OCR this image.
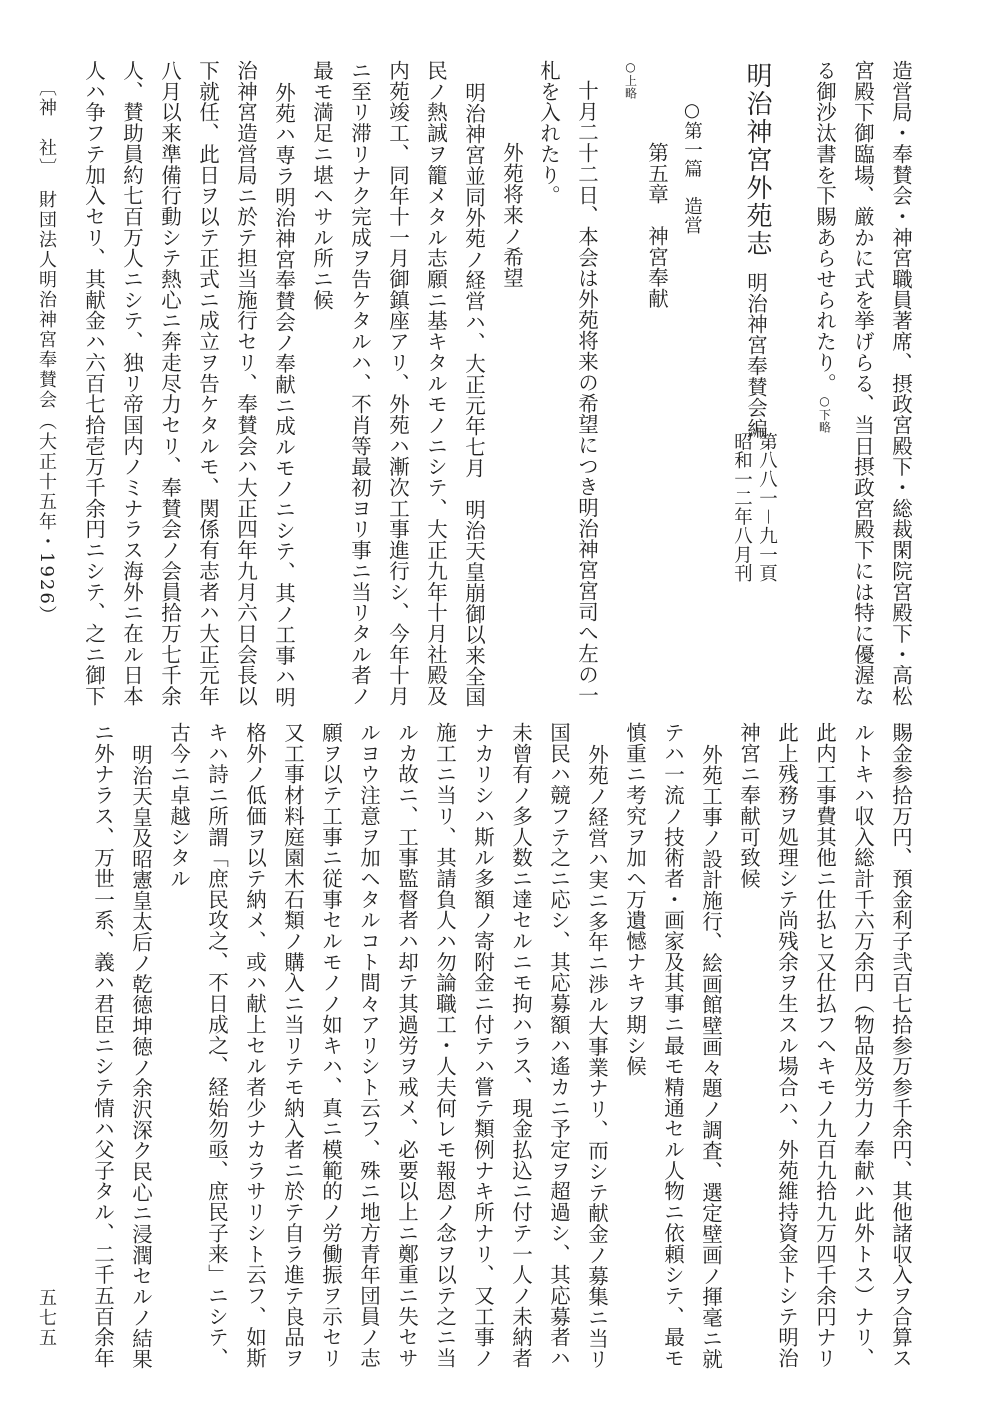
造営局・奉賛会・神宮職員著席、摂政宮殿下・総裁閑院宮殿下・高松
宮殿下御臨場、厳かに式を挙げらる、当日摂政宮殿下には特に優渥な
る御沙汰書を下賜あらせられたり。○下略
明治神宮外苑志
明治神宮奉賛会編
第八八一－九一頁
昭和一二年八月刊
○第一篇　造営
第五章　神宮奉献
○上略
十月二十二日、本会は外苑将来の希望につき明治神宮宮司へ左の一
札を入れたり。
外苑将来ノ希望
明治神宮並同外苑ノ経営ハ、大正元年七月　明治天皇崩御以来全国
民ノ熱誠ヲ籠メタル志願ニ基キタルモノニシテ、大正九年十月社殿及
内苑竣工、同年十一月御鎮座アリ、外苑ハ漸次工事進行シ、今年十月
ニ至リ滞リナク完成ヲ告ケタルハ、不肖等最初ヨリ事ニ当リタル者ノ
最モ満足ニ堪ヘサル所ニ候
外苑ハ専ラ明治神宮奉賛会ノ奉献ニ成ルモノニシテ、其ノ工事ハ明
治神宮造営局ニ於テ担当施行セリ、奉賛会ハ大正四年九月六日会長以
下就任、此日ヲ以テ正式ニ成立ヲ告ケタルモ、関係有志者ハ大正元年
八月以来準備行動シテ熱心ニ奔走尽力セリ、奉賛会ノ会員拾万七千余
人、賛助員約七百万人ニシテ、独リ帝国内ノミナラス海外ニ在ル日本
人ハ争フテ加入セリ、其献金ハ六百七拾壱万千余円ニシテ、之ニ御下
〔神　社〕
財団法人明治神宮奉賛会
（大正十五年・1926）
賜金参拾万円、預金利子弐百七拾参万参千余円、其他諸収入ヲ合算ス
ルトキハ収入総計千六万余円（物品及労力ノ奉献ハ此外トス）ナリ、
此内工事費其他ニ仕払ヒ又仕払フヘキモノ九百九拾九万四千余円ナリ
此上残務ヲ処理シテ尚残余ヲ生スル場合ハ、外苑維持資金トシテ明治
神宮ニ奉献可致候
外苑工事ノ設計施行、絵画館壁画々題ノ調査、選定壁画ノ揮毫ニ就
テハ一流ノ技術者・画家及其事ニ最モ精通セル人物ニ依頼シテ、最モ
慎重ニ考究ヲ加ヘ万遺憾ナキヲ期シ候
外苑ノ経営ハ実ニ多年ニ渉ル大事業ナリ、而シテ献金ノ募集ニ当リ
国民ハ競フテ之ニ応シ、其応募額ハ遙カニ予定ヲ超過シ、其応募者ハ
未曾有ノ多人数ニ達セルニモ拘ハラス、現金払込ニ付テ一人ノ未納者
ナカリシハ斯ル多額ノ寄附金ニ付テハ嘗テ類例ナキ所ナリ、又工事ノ
施工ニ当リ、其請負人ハ勿論職工・人夫何レモ報恩ノ念ヲ以テ之ニ当
ルカ故ニ、工事監督者ハ却テ其過労ヲ戒メ、必要以上ニ鄭重ニ失セサ
ルヨウ注意ヲ加ヘタルコト間々アリシト云フ、殊ニ地方青年団員ノ志
願ヲ以テ工事ニ従事セルモノノ如キハ、真ニ模範的ノ労働振ヲ示セリ
又工事材料庭園木石類ノ購入ニ当リテモ納入者ニ於テ自ラ進テ良品ヲ
格外ノ低価ヲ以テ納メ、或ハ献上セル者少ナカラサリシト云フ、如斯
キハ詩ニ所謂「庶民攻之、不日成之、経始勿亟、庶民子来」ニシテ、
古今ニ卓越シタル
明治天皇及昭憲皇太后ノ乾徳坤徳ノ余沢深ク民心ニ浸潤セルノ結果
ニ外ナラス、万世一系、義ハ君臣ニシテ情ハ父子タル、二千五百余年
五七五
